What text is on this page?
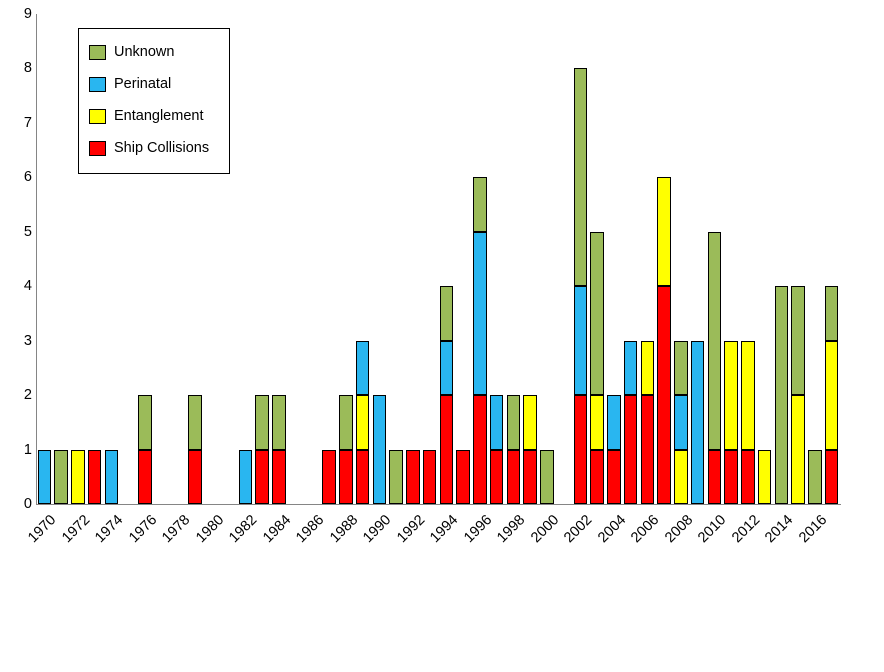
0
1
2
3
4
5
6
7
8
9
1970 1972 1974 1976 1978 1980 1982 1984 1986 1988 1990 1992 1994 1996 1998 2000 2002 2004 2006 2008 2010 2012 2014 2016
Unknown
Perinatal
Entanglement
Ship Collisions
